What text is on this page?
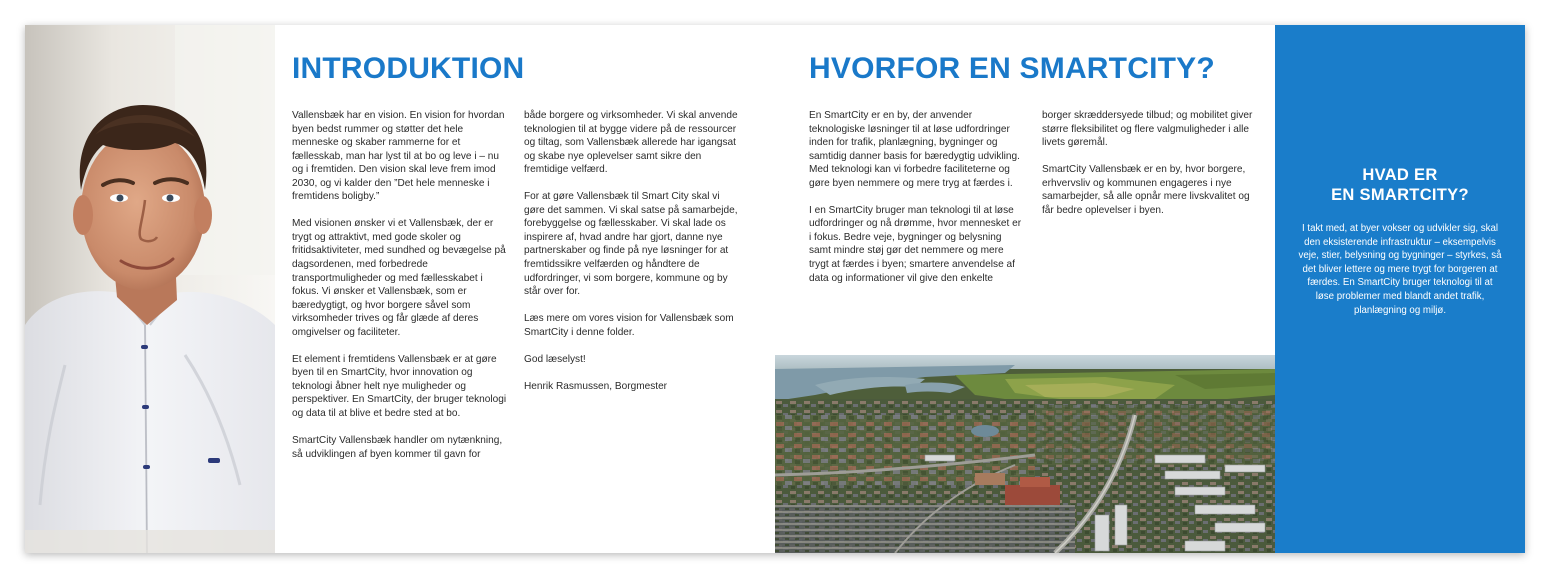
INTRODUKTION

Vallensbæk har en vision. En vision for hvordan byen bedst rummer og støtter det hele menneske og skaber rammerne for et fællesskab, man har lyst til at bo og leve i – nu og i fremtiden. Den vision skal leve frem imod 2030, og vi kalder den ”Det hele menneske i fremtidens boligby.”

Med visionen ønsker vi et Vallensbæk, der er trygt og attraktivt, med gode skoler og fritidsaktiviteter, med sundhed og bevægelse på dagsordenen, med forbedrede transportmuligheder og med fællesskabet i fokus. Vi ønsker et Vallensbæk, som er bæredygtigt, og hvor borgere såvel som virksomheder trives og får glæde af deres omgivelser og faciliteter.

Et element i fremtidens Vallensbæk er at gøre byen til en SmartCity, hvor innovation og teknologi åbner helt nye muligheder og perspektiver. En SmartCity, der bruger teknologi og data til at blive et bedre sted at bo.

SmartCity Vallensbæk handler om nytænkning, så udviklingen af byen kommer til gavn for

både borgere og virksomheder. Vi skal anvende teknologien til at bygge videre på de ressourcer og tiltag, som Vallensbæk allerede har igangsat og skabe nye oplevelser samt sikre den fremtidige velfærd.

For at gøre Vallensbæk til Smart City skal vi gøre det sammen. Vi skal satse på samarbejde, forebyggelse og fællesskaber. Vi skal lade os inspirere af, hvad andre har gjort, danne nye partnerskaber og finde på nye løsninger for at fremtidssikre velfærden og håndtere de udfordringer, vi som borgere, kommune og by står over for.

Læs mere om vores vision for Vallensbæk som SmartCity i denne folder.

God læselyst!

Henrik Rasmussen, Borgmester

HVORFOR EN SMARTCITY?

En SmartCity er en by, der anvender teknologiske løsninger til at løse udfordringer inden for trafik, planlægning, bygninger og samtidig danner basis for bæredygtig udvikling. Med teknologi kan vi forbedre faciliteterne og gøre byen nemmere og mere tryg at færdes i.

I en SmartCity bruger man teknologi til at løse udfordringer og nå drømme, hvor mennesket er i fokus. Bedre veje, bygninger og belysning samt mindre støj gør det nemmere og mere trygt at færdes i byen; smartere anvendelse af data og informationer vil give den enkelte

borger skræddersyede tilbud; og mobilitet giver større fleksibilitet og flere valgmuligheder i alle livets gøremål.

SmartCity Vallensbæk er en by, hvor borgere, erhvervsliv og kommunen engageres i nye samarbejder, så alle opnår mere livskvalitet og får bedre oplevelser i byen.

HVAD ER
EN SMARTCITY?

I takt med, at byer vokser og udvikler sig, skal den eksisterende infrastruktur – eksempelvis veje, stier, belysning og bygninger – styrkes, så det bliver lettere og mere trygt for borgeren at færdes. En SmartCity bruger teknologi til at løse problemer med blandt andet trafik, planlægning og miljø.
